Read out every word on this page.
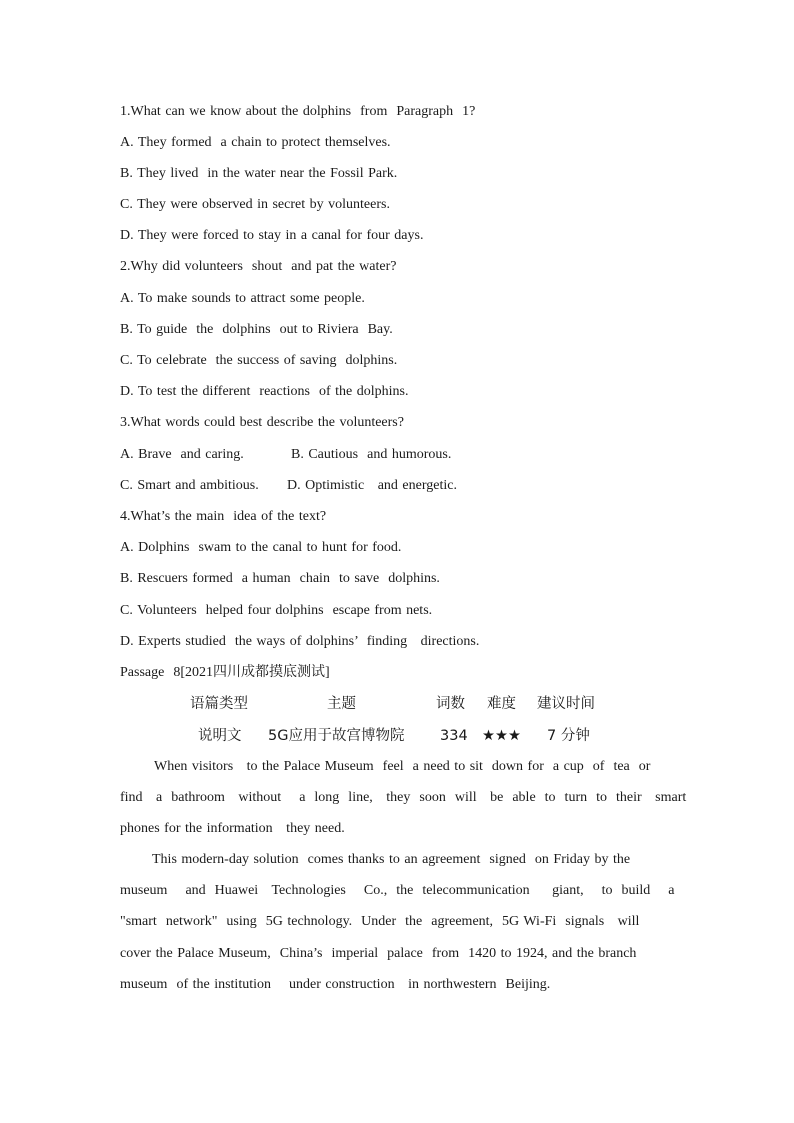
1.What can we know about the dolphins  from  Paragraph  1?
A. They formed  a chain to protect themselves.
B. They lived  in the water near the Fossil Park.
C. They were observed in secret by volunteers.
D. They were forced to stay in a canal for four days.
2.Why did volunteers  shout  and pat the water?
A. To make sounds to attract some people.
B. To guide  the  dolphins  out to Riviera  Bay.
C. To celebrate  the success of saving  dolphins.
D. To test the different  reactions  of the dolphins.
3.What words could best describe the volunteers?
A. Brave  and caring.	B. Cautious  and humorous.
C. Smart and ambitious. D. Optimistic   and energetic.
4.What’s the main  idea of the text?
A. Dolphins  swam to the canal to hunt for food.
B. Rescuers formed  a human  chain  to save  dolphins.
C. Volunteers  helped four dolphins  escape from nets.
D. Experts studied  the ways of dolphins’  finding   directions.
Passage  8[2021四川成都摸底测试]
语篇类型	主题	词数 难度 建议时间
说明文 5G应用于故宫博物院 334 ★★★ 7 分钟
When visitors   to the Palace Museum  feel  a need to sit  down for  a cup  of  tea  or
find   a  bathroom   without    a  long  line,   they  soon  will   be  able  to  turn  to  their   smart
phones for the information   they need.
This modern-day solution  comes thanks to an agreement  signed  on Friday by the
museum    and  Huawei   Technologies    Co.,  the  telecommunication     giant,    to  build    a
"smart  network"  using  5G technology.  Under  the  agreement,  5G Wi-Fi  signals   will
cover the Palace Museum,  China’s  imperial  palace  from  1420 to 1924, and the branch
museum  of the institution    under construction   in northwestern  Beijing.
